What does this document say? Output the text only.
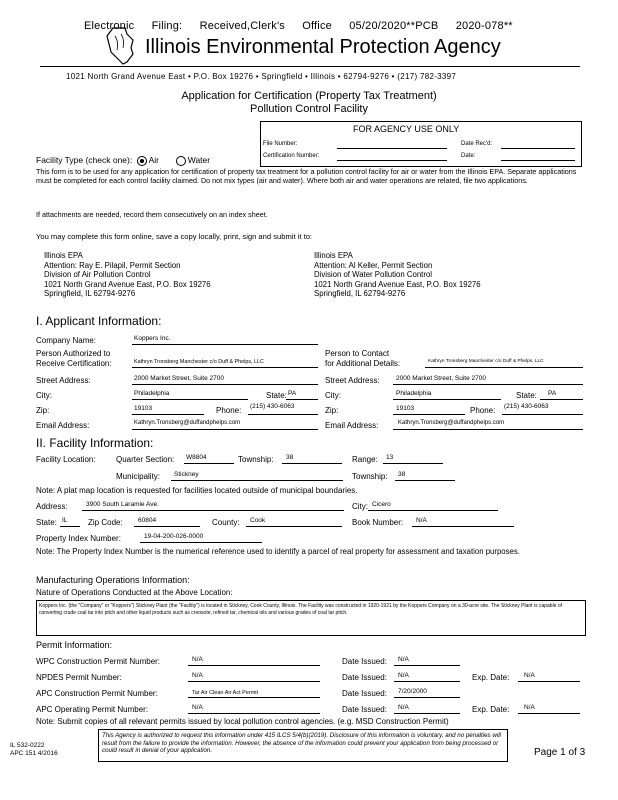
Electronic Filing: Received,Clerk's Office 05/20/2020**PCB 2020-078**
Illinois Environmental Protection Agency
1021 North Grand Avenue East • P.O. Box 19276 • Springfield • Illinois • 62794-9276 • (217) 782-3397
Application for Certification (Property Tax Treatment)
Pollution Control Facility
FOR AGENCY USE ONLY
File Number:	Date Rec'd:
Certification Number:	Date:
Facility Type (check one): Air	Water
This form is to be used for any application for certification of property tax treatment for a pollution control facility for air or water from the Illinois EPA. Separate applications must be completed for each control facility claimed. Do not mix types (air and water). Where both air and water operations are related, file two applications.
If attachments are needed, record them consecutively on an index sheet.
You may complete this form online, save a copy locally, print, sign and submit it to:
Illinois EPA
Attention: Ray E. Pilapil, Permit Section
Division of Air Pollution Control
1021 North Grand Avenue East, P.O. Box 19276
Springfield, IL 62794-9276
Illinois EPA
Attention: Al Keller, Permit Section
Division of Water Pollution Control
1021 North Grand Avenue East, P.O. Box 19276
Springfield, IL 62794-9276
I. Applicant Information:
Company Name:	Koppers Inc.
Person Authorized to
Receive Certification:	Kathryn Tronsberg Manchester c/o Duff & Phelps, LLC
Person to Contact
for Additional Details:	Kathryn Tronsberg Manchester c/o Duff & Phelps, LLC
Street Address:	2000 Market Street, Suite 2700	Street Address:	2000 Market Street, Suite 2700
City:	Philadelphia	State: PA	City:	Philadelphia	State: PA
Zip:	19103	Phone: (215) 430-6063	Zip:	19103	Phone: (215) 430-6063
Email Address:	Kathryn.Tronsberg@duffandphelps.com	Email Address:	Kathryn.Tronsberg@duffandphelps.com
II. Facility Information:
Facility Location:	Quarter Section: W8804	Township: 38	Range: 13
Municipality: Stickney	Township: 38
Note: A plat map location is requested for facilities located outside of municipal boundaries.
Address:	3900 South Laramie Ave.	City: Cicero
State: IL	Zip Code: 60804	County: Cook	Book Number: N/A
Property Index Number:	19-04-200-026-0000
Note: The Property Index Number is the numerical reference used to identify a parcel of real property for assessment and taxation purposes.
Manufacturing Operations Information:
Nature of Operations Conducted at the Above Location:
Koppers Inc. (the "Company" or "Koppers") Stickney Plant (the "Facility") is located in Stickney, Cook County, Illinois. The Facility was constructed in 1920-1921 by the Koppers Company on a 30-acre site. The Stickney Plant is capable of converting crude coal tar into pitch and other liquid products such as creosote, refined tar, chemical oils and various grades of coal tar pitch.
Permit Information:
WPC Construction Permit Number:	N/A	Date Issued: N/A
NPDES Permit Number:	N/A	Date Issued: N/A	Exp. Date: N/A
APC Construction Permit Number:	Tar Air Clean Air Act Permit	Date Issued: 7/20/2000
APC Operating Permit Number:	N/A	Date Issued: N/A	Exp. Date: N/A
Note: Submit copies of all relevant permits issued by local pollution control agencies. (e.g. MSD Construction Permit)
IL 532-0222
APC 151 4/2016
This Agency is authorized to request this information under 415 ILCS 5/4(b)(2019). Disclosure of this information is voluntary, and no penalties will result from the failure to provide the information. However, the absence of the information could prevent your application from being processed or could result in denial of your application.	Page 1 of 3
